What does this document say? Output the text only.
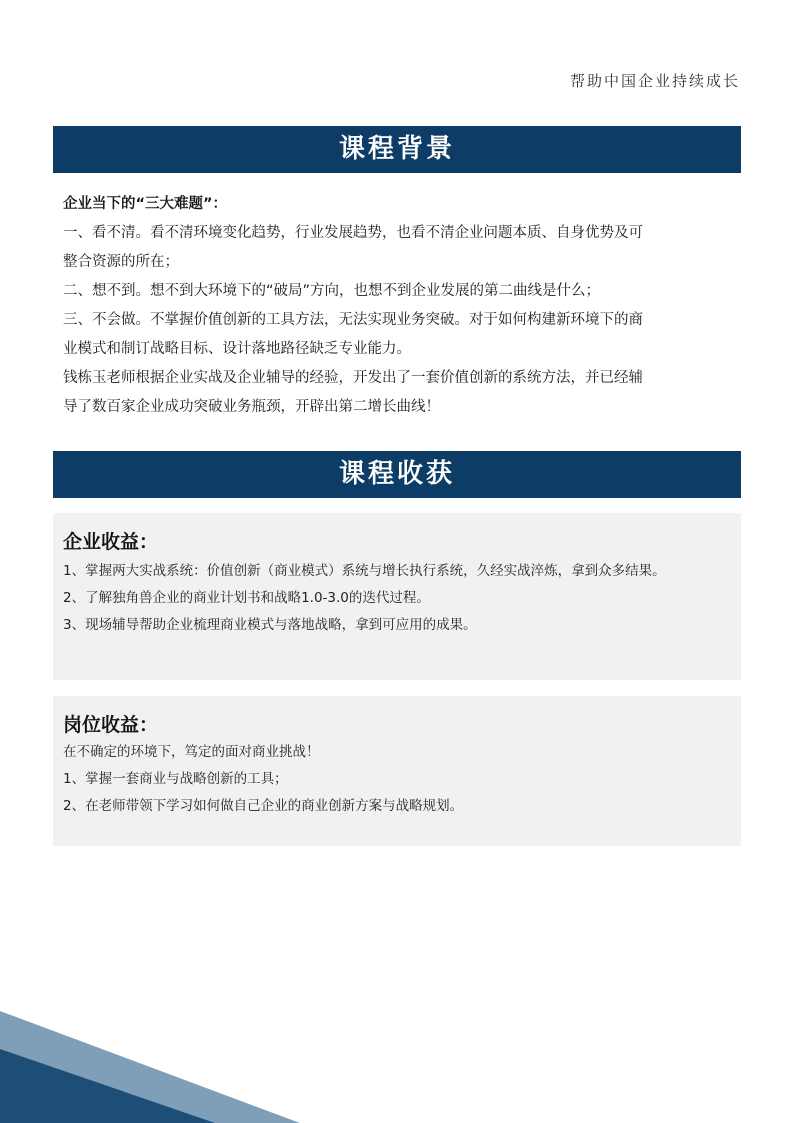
帮助中国企业持续成长
课程背景
企业当下的“三大难题”：
一、看不清。看不清环境变化趋势，行业发展趋势，也看不清企业问题本质、自身优势及可
整合资源的所在；
二、想不到。想不到大环境下的“破局”方向，也想不到企业发展的第二曲线是什么；
三、不会做。不掌握价值创新的工具方法，无法实现业务突破。对于如何构建新环境下的商
业模式和制订战略目标、设计落地路径缺乏专业能力。
钱栋玉老师根据企业实战及企业辅导的经验，开发出了一套价值创新的系统方法，并已经辅
导了数百家企业成功突破业务瓶颈，开辟出第二增长曲线！
课程收获
企业收益：
1、掌握两大实战系统：价值创新（商业模式）系统与增长执行系统，久经实战淬炼，拿到众多结果。
2、了解独角兽企业的商业计划书和战略1.0-3.0的迭代过程。
3、现场辅导帮助企业梳理商业模式与落地战略，拿到可应用的成果。
岗位收益：
在不确定的环境下，笃定的面对商业挑战！
1、掌握一套商业与战略创新的工具；
2、在老师带领下学习如何做自己企业的商业创新方案与战略规划。
